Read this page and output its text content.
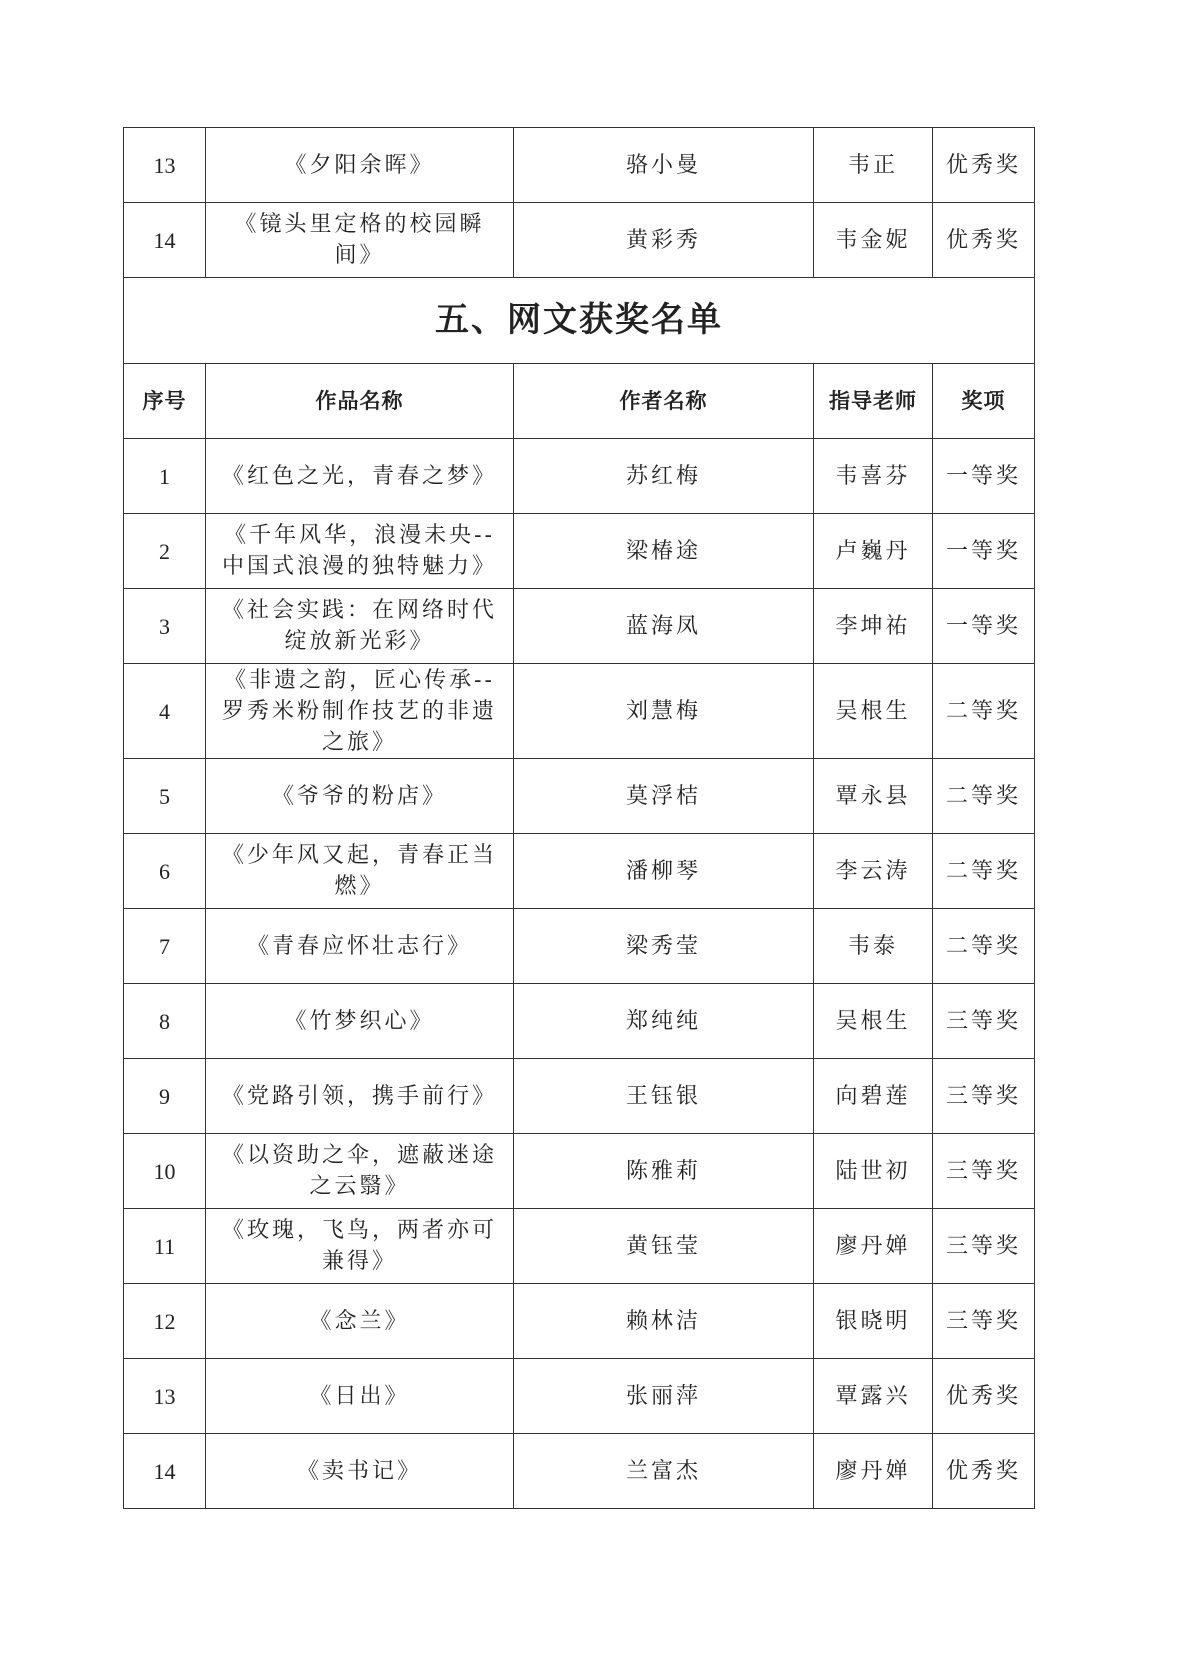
13	《夕阳余晖》	骆小曼	韦正	优秀奖
14	《镜头里定格的校园瞬间》	黄彩秀	韦金妮	优秀奖
五、网文获奖名单				
序号	作品名称	作者名称	指导老师	奖项
1	《红色之光，青春之梦》	苏红梅	韦喜芬	一等奖
2	《千年风华，浪漫未央--中国式浪漫的独特魅力》	梁椿途	卢巍丹	一等奖
3	《社会实践：在网络时代绽放新光彩》	蓝海凤	李坤祐	一等奖
4	《非遗之韵，匠心传承--罗秀米粉制作技艺的非遗之旅》	刘慧梅	吴根生	二等奖
5	《爷爷的粉店》	莫浮桔	覃永县	二等奖
6	《少年风又起，青春正当燃》	潘柳琴	李云涛	二等奖
7	《青春应怀壮志行》	梁秀莹	韦泰	二等奖
8	《竹梦织心》	郑纯纯	吴根生	三等奖
9	《党路引领，携手前行》	王钰银	向碧莲	三等奖
10	《以资助之伞，遮蔽迷途之云翳》	陈雅莉	陆世初	三等奖
11	《玫瑰，飞鸟，两者亦可兼得》	黄钰莹	廖丹婵	三等奖
12	《念兰》	赖林洁	银晓明	三等奖
13	《日出》	张丽萍	覃露兴	优秀奖
14	《卖书记》	兰富杰	廖丹婵	优秀奖
